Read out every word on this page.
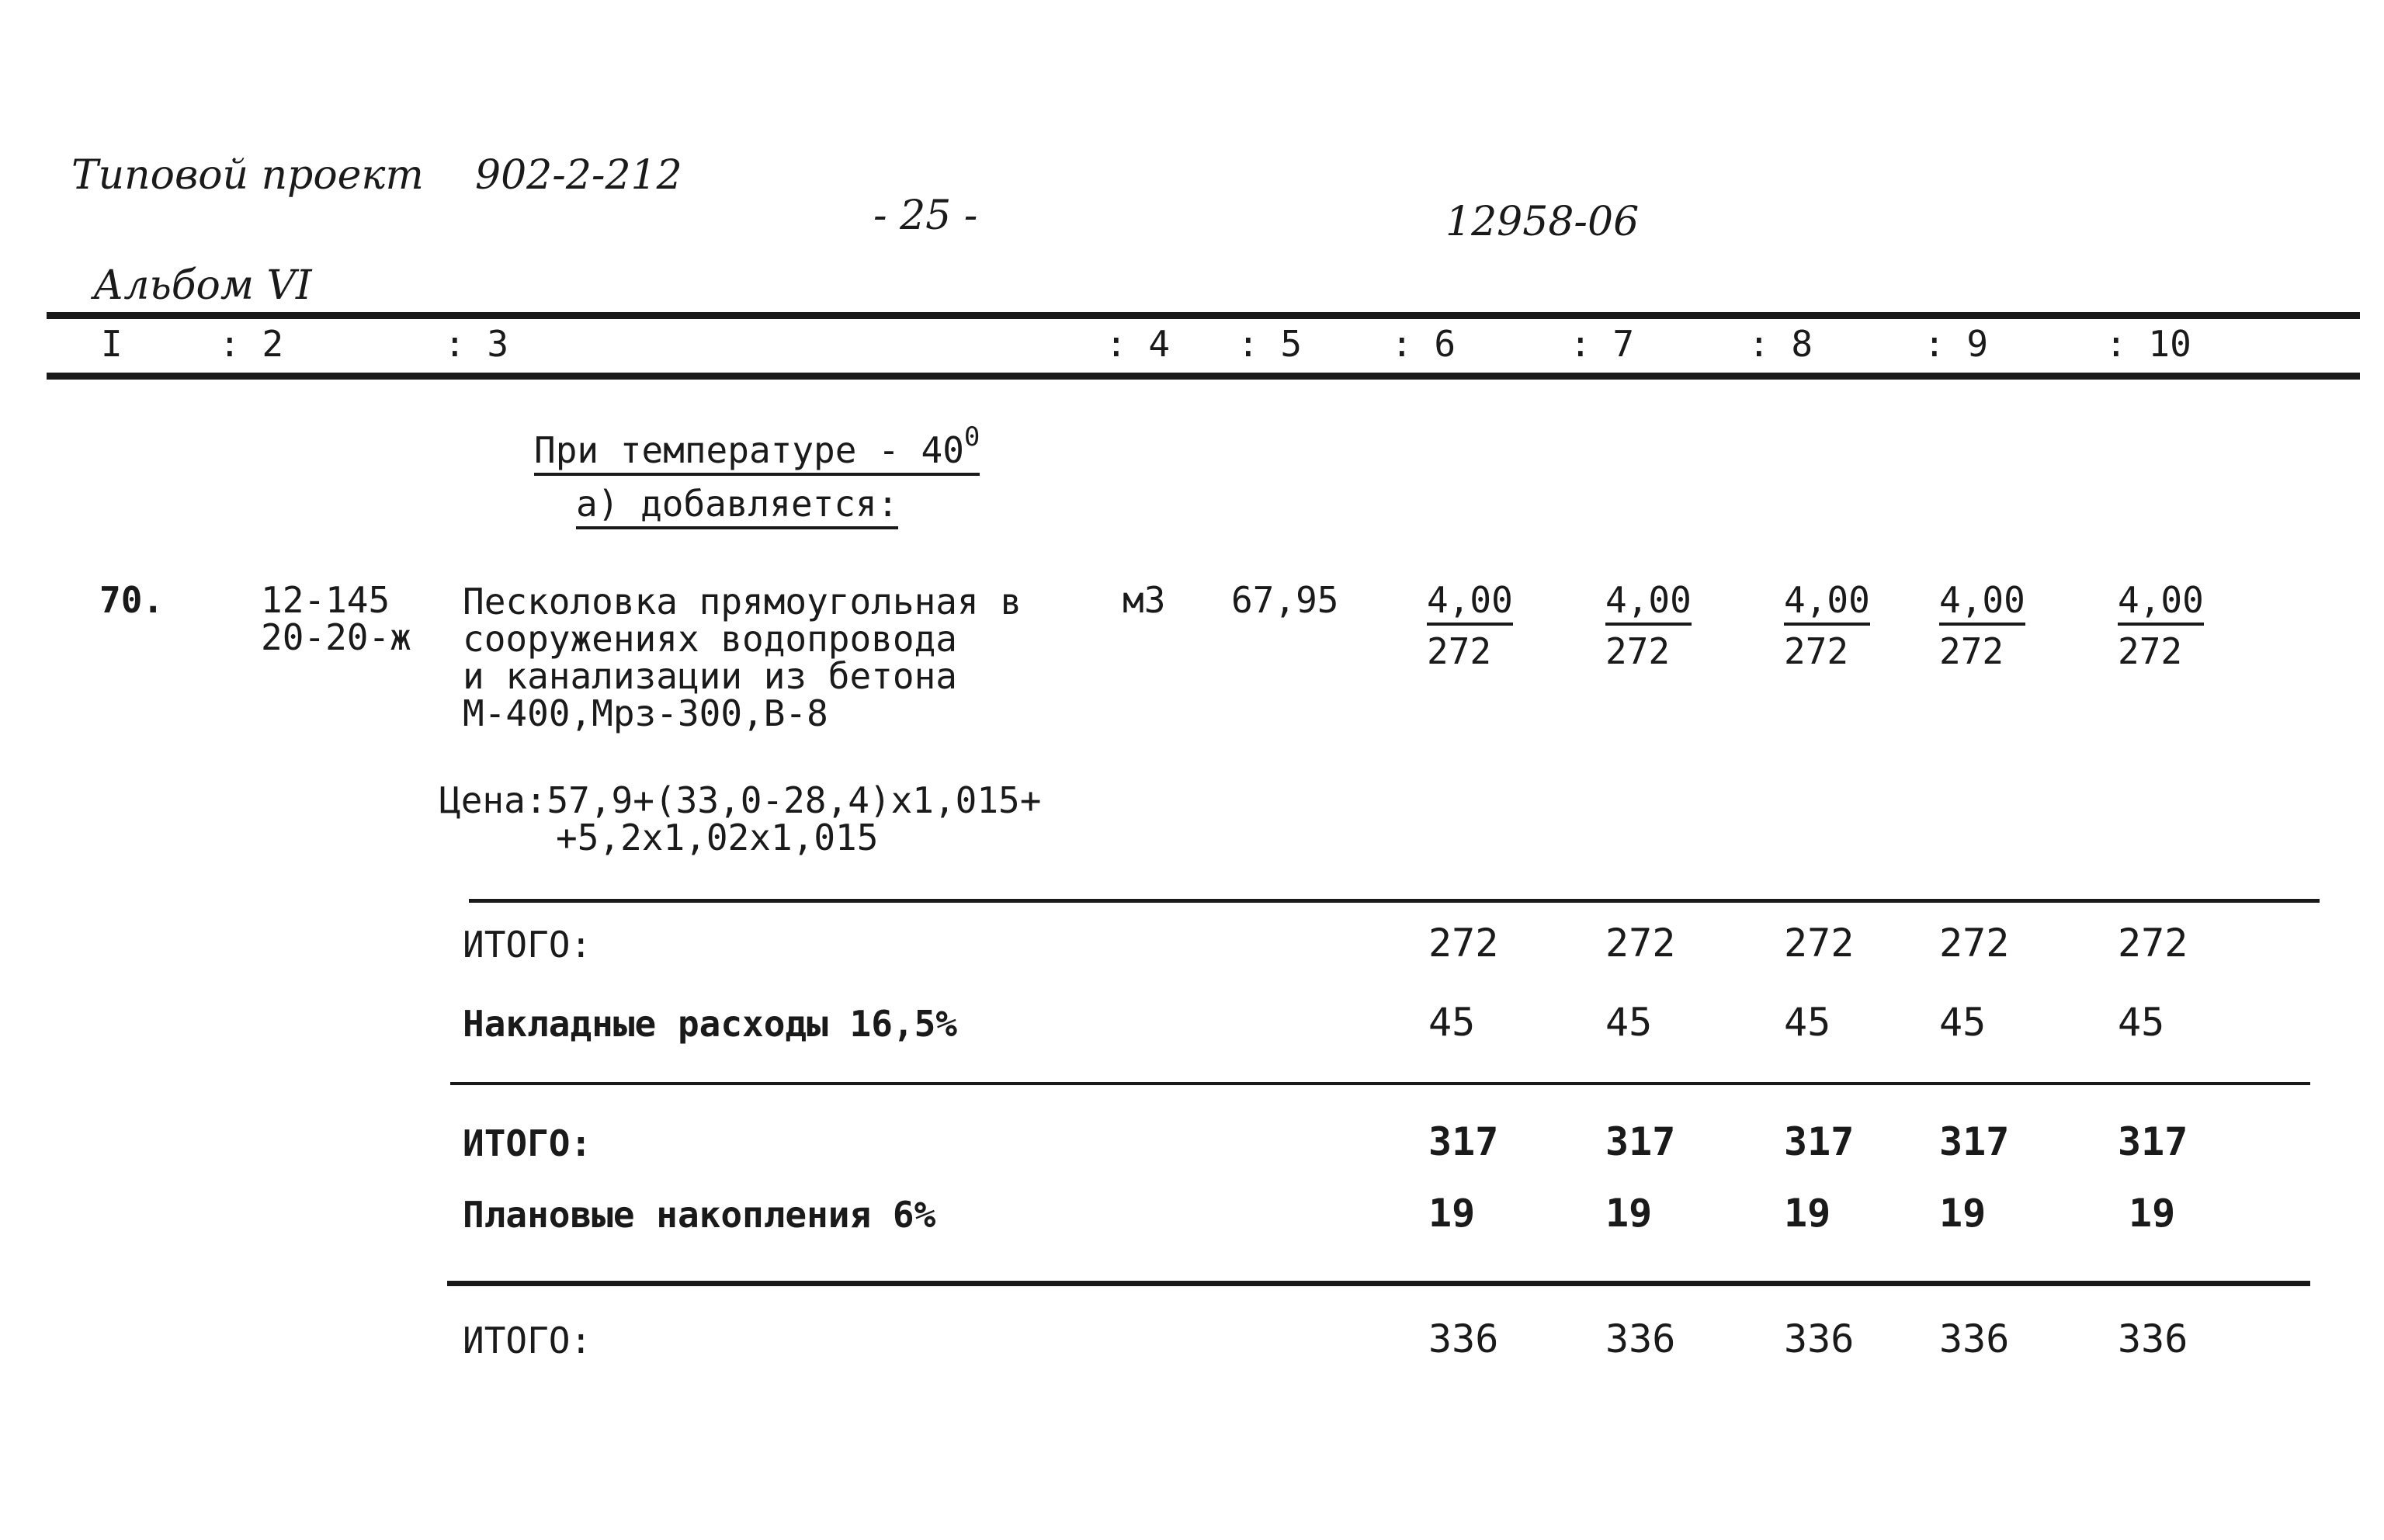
Типовой проект 902-2-212
- 25 -	12958-06
Альбом VI
I	: 2	: 3	: 4 : 5 : 6	: 7	: 8	: 9	: 10
При температуре - $40^0$
а) добавляется:
70.	12-145
20-20-ж
Песколовка прямоугольная в
сооружениях водопровода
и канализации из бетона
М-400,Мрз-300,В-8
м3 67,95 4,00	4,00	4,00 4,00	4,00
272	272	272	272	272
Цена:57,9+(33,0-28,4)x1,015+
+5,2x1,02x1,015
ИТОГО:	272	272	272 272	272
Накладные расходы 16,5%	45	45	45	45	45
ИТОГО:	317	317	317 317	317
Плановые накопления 6%	19	19	19	19	19
ИТОГО:	336	336	336 336	336
